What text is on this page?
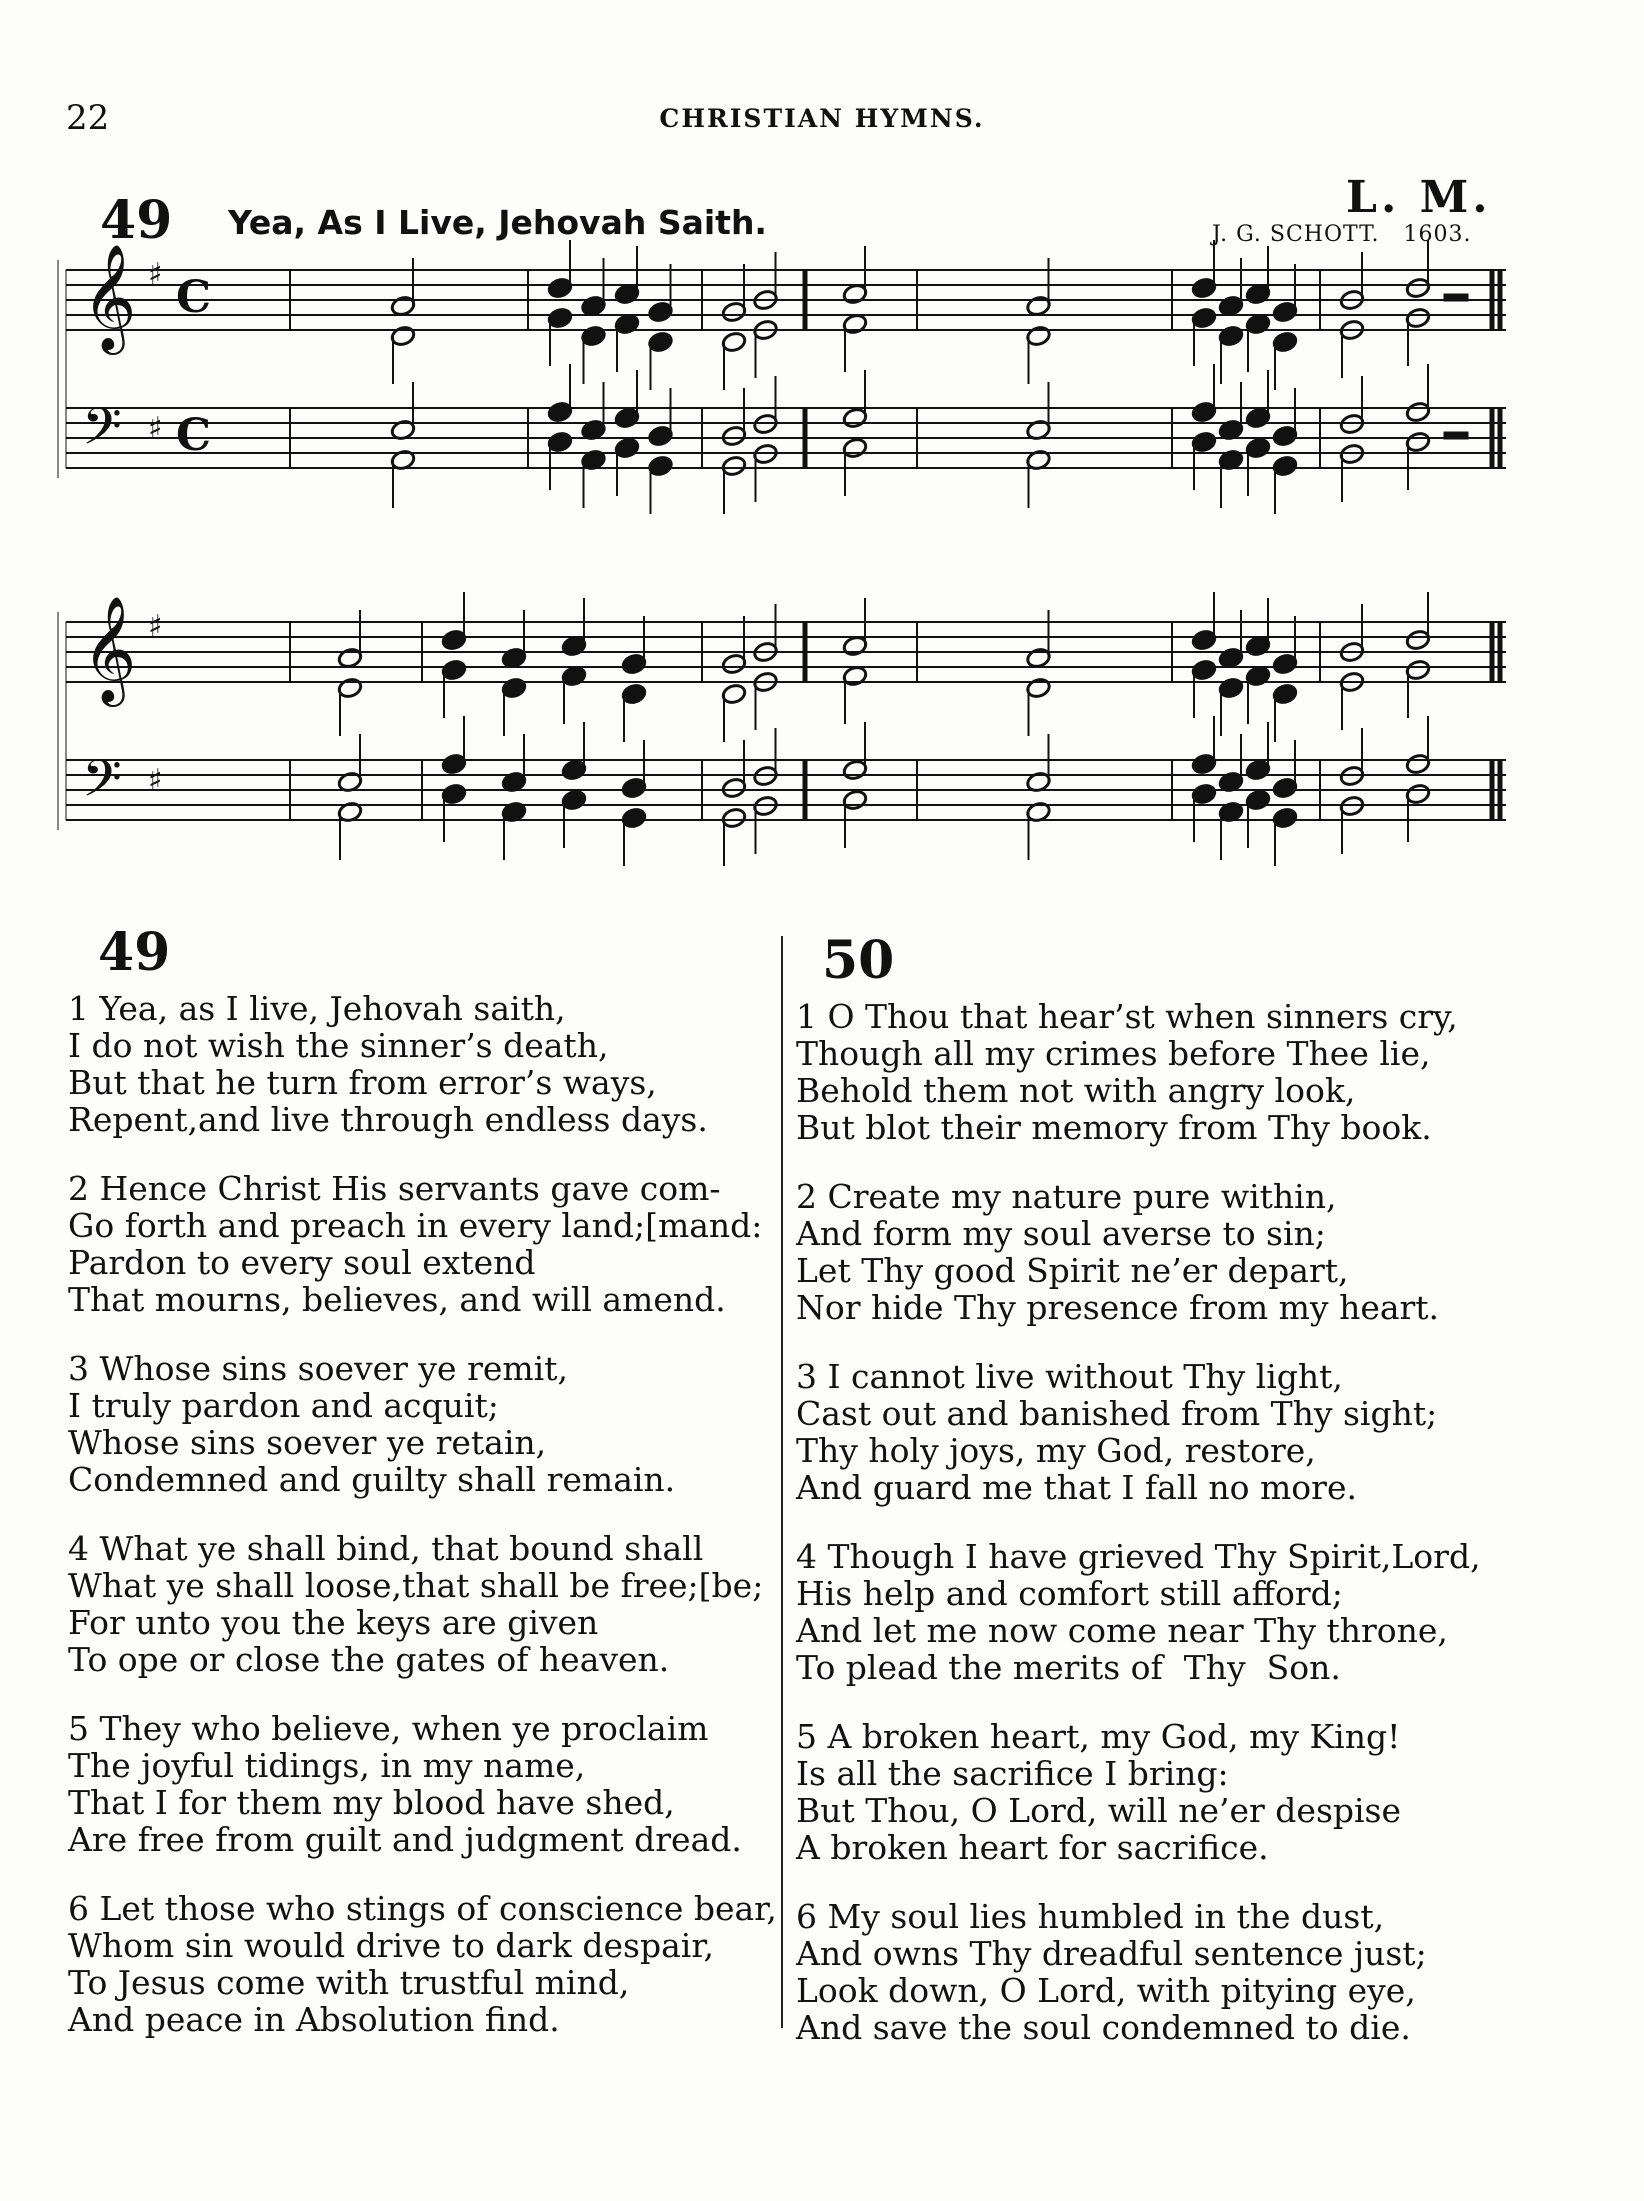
22	CHRISTIAN HYMNS.
49 Yea, As I Live, Jehovah Saith.	L. M.
J. G. SCHOTT. 1603.
𝄞 ♯ C
𝄢 ♯ C
𝄞 ♯
𝄢 ♯
49	50
1 Yea, as I live, Jehovah saith,
I do not wish the sinner’s death,
But that he turn from error’s ways,
Repent,and live through endless days.
2 Hence Christ His servants gave com-
Go forth and preach in every land;[mand:
Pardon to every soul extend
That mourns, believes, and will amend.
3 Whose sins soever ye remit,
I truly pardon and acquit;
Whose sins soever ye retain,
Condemned and guilty shall remain.
4 What ye shall bind, that bound shall
What ye shall loose,that shall be free;[be;
For unto you the keys are given
To ope or close the gates of heaven.
5 They who believe, when ye proclaim
The joyful tidings, in my name,
That I for them my blood have shed,
Are free from guilt and judgment dread.
6 Let those who stings of conscience bear,
Whom sin would drive to dark despair,
To Jesus come with trustful mind,
And peace in Absolution find.
1 O Thou that hear’st when sinners cry,
Though all my crimes before Thee lie,
Behold them not with angry look,
But blot their memory from Thy book.
2 Create my nature pure within,
And form my soul averse to sin;
Let Thy good Spirit ne’er depart,
Nor hide Thy presence from my heart.
3 I cannot live without Thy light,
Cast out and banished from Thy sight;
Thy holy joys, my God, restore,
And guard me that I fall no more.
4 Though I have grieved Thy Spirit,Lord,
His help and comfort still afford;
And let me now come near Thy throne,
To plead the merits of  Thy  Son.
5 A broken heart, my God, my King!
Is all the sacrifice I bring:
But Thou, O Lord, will ne’er despise
A broken heart for sacrifice.
6 My soul lies humbled in the dust,
And owns Thy dreadful sentence just;
Look down, O Lord, with pitying eye,
And save the soul condemned to die.
